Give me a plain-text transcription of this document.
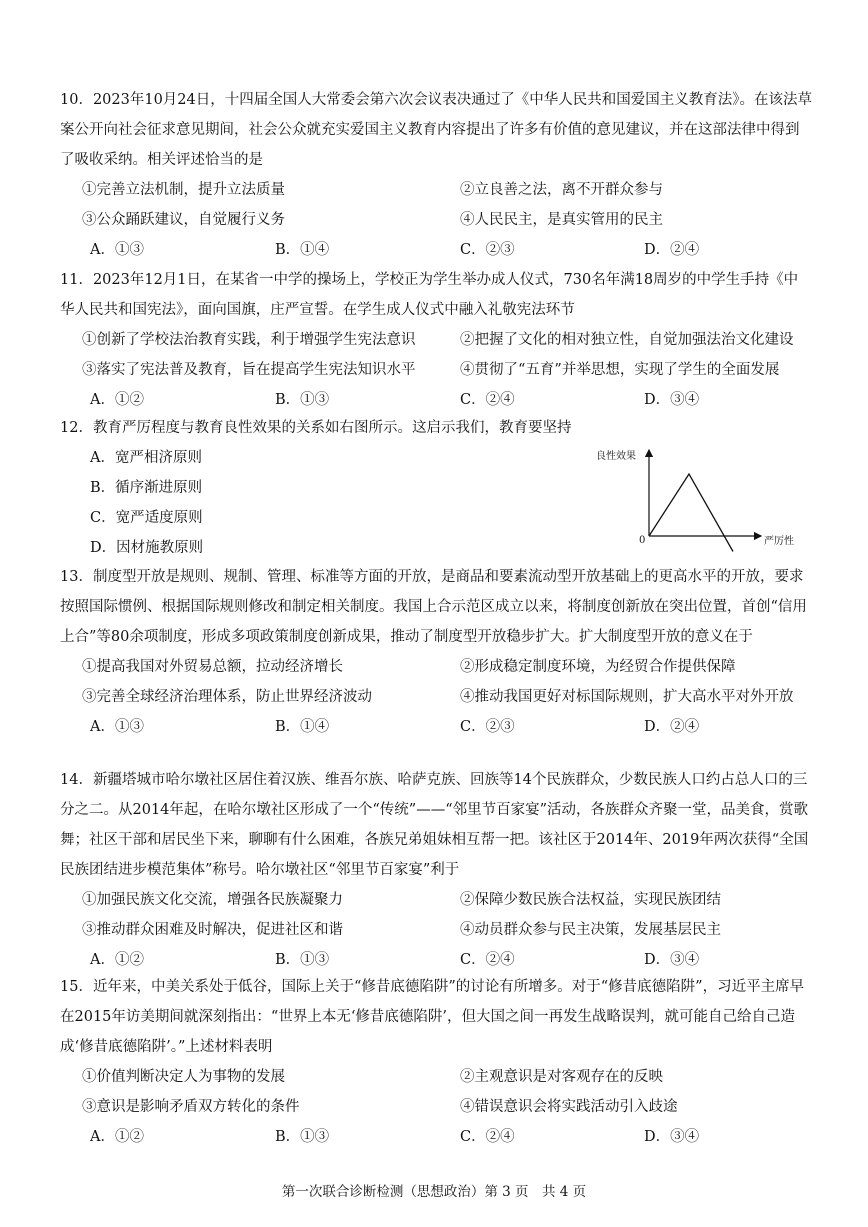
10．2023年10月24日，十四届全国人大常委会第六次会议表决通过了《中华人民共和国爱国主义教育法》。在该法草案公开向社会征求意见期间，社会公众就充实爱国主义教育内容提出了许多有价值的意见建议，并在这部法律中得到了吸收采纳。相关评述恰当的是

①完善立法机制，提升立法质量	②立良善之法，离不开群众参与
③公众踊跃建议，自觉履行义务	④人民民主，是真实管用的民主
A．①③	B．①④	C．②③	D．②④

11．2023年12月1日，在某省一中学的操场上，学校正为学生举办成人仪式，730名年满18周岁的中学生手持《中华人民共和国宪法》，面向国旗，庄严宣誓。在学生成人仪式中融入礼敬宪法环节

①创新了学校法治教育实践，利于增强学生宪法意识	②把握了文化的相对独立性，自觉加强法治文化建设
③落实了宪法普及教育，旨在提高学生宪法知识水平	④贯彻了“五育”并举思想，实现了学生的全面发展
A．①②	B．①③	C．②④	D．③④

12．教育严厉程度与教育良性效果的关系如右图所示。这启示我们，教育要坚持

A．宽严相济原则
B．循序渐进原则
C．宽严适度原则
D．因材施教原则
良性效果
严厉性
0

13．制度型开放是规则、规制、管理、标准等方面的开放，是商品和要素流动型开放基础上的更高水平的开放，要求按照国际惯例、根据国际规则修改和制定相关制度。我国上合示范区成立以来，将制度创新放在突出位置，首创“信用上合”等80余项制度，形成多项政策制度创新成果，推动了制度型开放稳步扩大。扩大制度型开放的意义在于

①提高我国对外贸易总额，拉动经济增长	②形成稳定制度环境，为经贸合作提供保障
③完善全球经济治理体系，防止世界经济波动	④推动我国更好对标国际规则，扩大高水平对外开放
A．①③	B．①④	C．②③	D．②④

14．新疆塔城市哈尔墩社区居住着汉族、维吾尔族、哈萨克族、回族等14个民族群众，少数民族人口约占总人口的三分之二。从2014年起，在哈尔墩社区形成了一个“传统”——“邻里节百家宴”活动，各族群众齐聚一堂，品美食，赏歌舞；社区干部和居民坐下来，聊聊有什么困难，各族兄弟姐妹相互帮一把。该社区于2014年、2019年两次获得“全国民族团结进步模范集体”称号。哈尔墩社区“邻里节百家宴”利于

①加强民族文化交流，增强各民族凝聚力	②保障少数民族合法权益，实现民族团结
③推动群众困难及时解决，促进社区和谐	④动员群众参与民主决策，发展基层民主
A．①②	B．①③	C．②④	D．③④

15．近年来，中美关系处于低谷，国际上关于“修昔底德陷阱”的讨论有所增多。对于“修昔底德陷阱”，习近平主席早在2015年访美期间就深刻指出：“世界上本无‘修昔底德陷阱’，但大国之间一再发生战略误判，就可能自己给自己造成‘修昔底德陷阱’。”上述材料表明

①价值判断决定人为事物的发展	②主观意识是对客观存在的反映
③意识是影响矛盾双方转化的条件	④错误意识会将实践活动引入歧途
A．①②	B．①③	C．②④	D．③④
第一次联合诊断检测（思想政治）第 3 页　共 4 页
